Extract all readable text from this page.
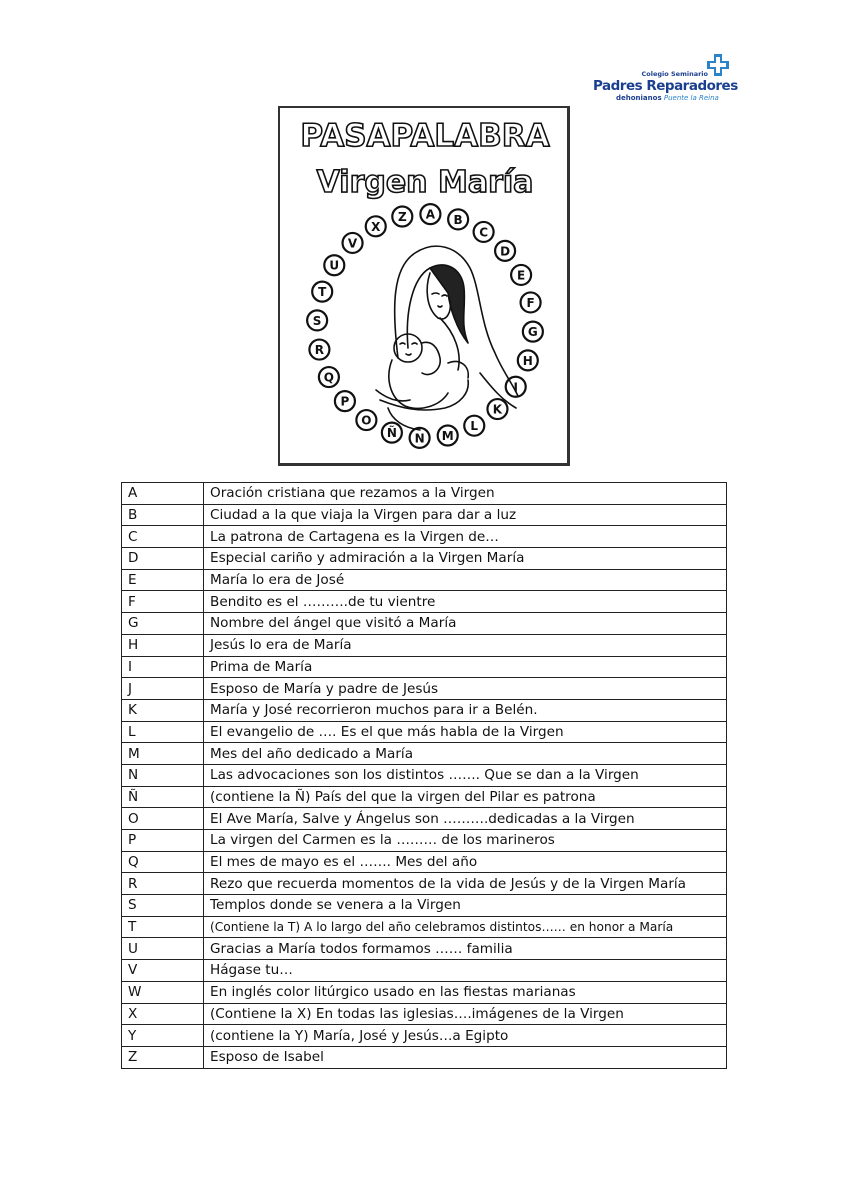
Colegio Seminario
Padres Reparadores
dehonianos Puente la Reina
PASAPALABRA
Virgen María
A B
C
D
E
F
G
H
I
K
L
M
N
Ñ
O
P
Q
R
S
T
U
V
X
Z
A	Oración cristiana que rezamos a la Virgen
B	Ciudad a la que viaja la Virgen para dar a luz
C	La patrona de Cartagena es la Virgen de…
D	Especial cariño y admiración a la Virgen María
E	María lo era de José
F	Bendito es el ……….de tu vientre
G	Nombre del ángel que visitó a María
H	Jesús lo era de María
I	Prima de María
J	Esposo de María y padre de Jesús
K	María y José recorrieron muchos para ir a Belén.
L	El evangelio de …. Es el que más habla de la Virgen
M	Mes del año dedicado a María
N	Las advocaciones son los distintos ……. Que se dan a la Virgen
Ñ	(contiene la Ñ) País del que la virgen del Pilar es patrona
O	El Ave María, Salve y Ángelus son ……….dedicadas a la Virgen
P	La virgen del Carmen es la ……… de los marineros
Q	El mes de mayo es el ……. Mes del año
R	Rezo que recuerda momentos de la vida de Jesús y de la Virgen María
S	Templos donde se venera a la Virgen
T	(Contiene la T) A lo largo del año celebramos distintos…… en honor a María
U	Gracias a María todos formamos …… familia
V	Hágase tu…
W	En inglés color litúrgico usado en las fiestas marianas
X	(Contiene la X) En todas las iglesias….imágenes de la Virgen
Y	(contiene la Y) María, José y Jesús…a Egipto
Z	Esposo de Isabel
